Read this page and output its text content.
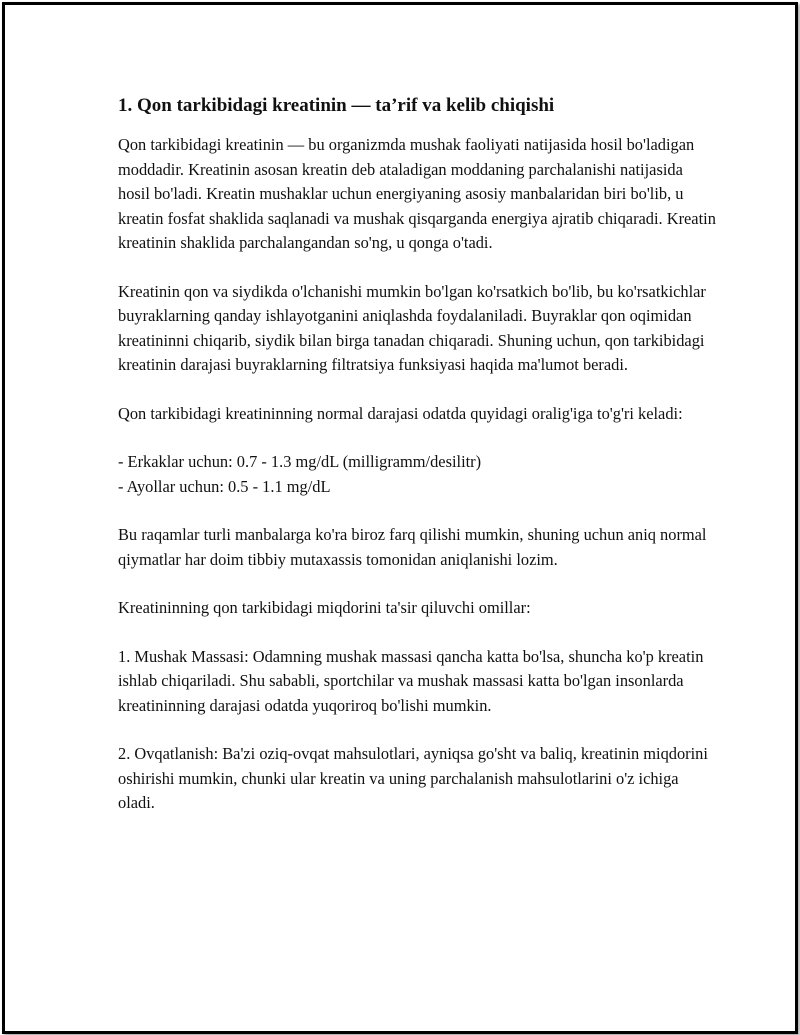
1. Qon tarkibidagi kreatinin — ta’rif va kelib chiqishi

Qon tarkibidagi kreatinin — bu organizmda mushak faoliyati natijasida hosil bo'ladigan moddadir. Kreatinin asosan kreatin deb ataladigan moddaning parchalanishi natijasida hosil bo'ladi. Kreatin mushaklar uchun energiyaning asosiy manbalaridan biri bo'lib, u kreatin fosfat shaklida saqlanadi va mushak qisqarganda energiya ajratib chiqaradi. Kreatin kreatinin shaklida parchalangandan so'ng, u qonga o'tadi.

Kreatinin qon va siydikda o'lchanishi mumkin bo'lgan ko'rsatkich bo'lib, bu ko'rsatkichlar buyraklarning qanday ishlayotganini aniqlashda foydalaniladi. Buyraklar qon oqimidan kreatininni chiqarib, siydik bilan birga tanadan chiqaradi. Shuning uchun, qon tarkibidagi kreatinin darajasi buyraklarning filtratsiya funksiyasi haqida ma'lumot beradi.

Qon tarkibidagi kreatininning normal darajasi odatda quyidagi oralig'iga to'g'ri keladi:

- Erkaklar uchun: 0.7 - 1.3 mg/dL (milligramm/desilitr)
- Ayollar uchun: 0.5 - 1.1 mg/dL

Bu raqamlar turli manbalarga ko'ra biroz farq qilishi mumkin, shuning uchun aniq normal qiymatlar har doim tibbiy mutaxassis tomonidan aniqlanishi lozim.

Kreatininning qon tarkibidagi miqdorini ta'sir qiluvchi omillar:

1. Mushak Massasi: Odamning mushak massasi qancha katta bo'lsa, shuncha ko'p kreatin ishlab chiqariladi. Shu sababli, sportchilar va mushak massasi katta bo'lgan insonlarda kreatininning darajasi odatda yuqoriroq bo'lishi mumkin.

2. Ovqatlanish: Ba'zi oziq-ovqat mahsulotlari, ayniqsa go'sht va baliq, kreatinin miqdorini oshirishi mumkin, chunki ular kreatin va uning parchalanish mahsulotlarini o'z ichiga oladi.
